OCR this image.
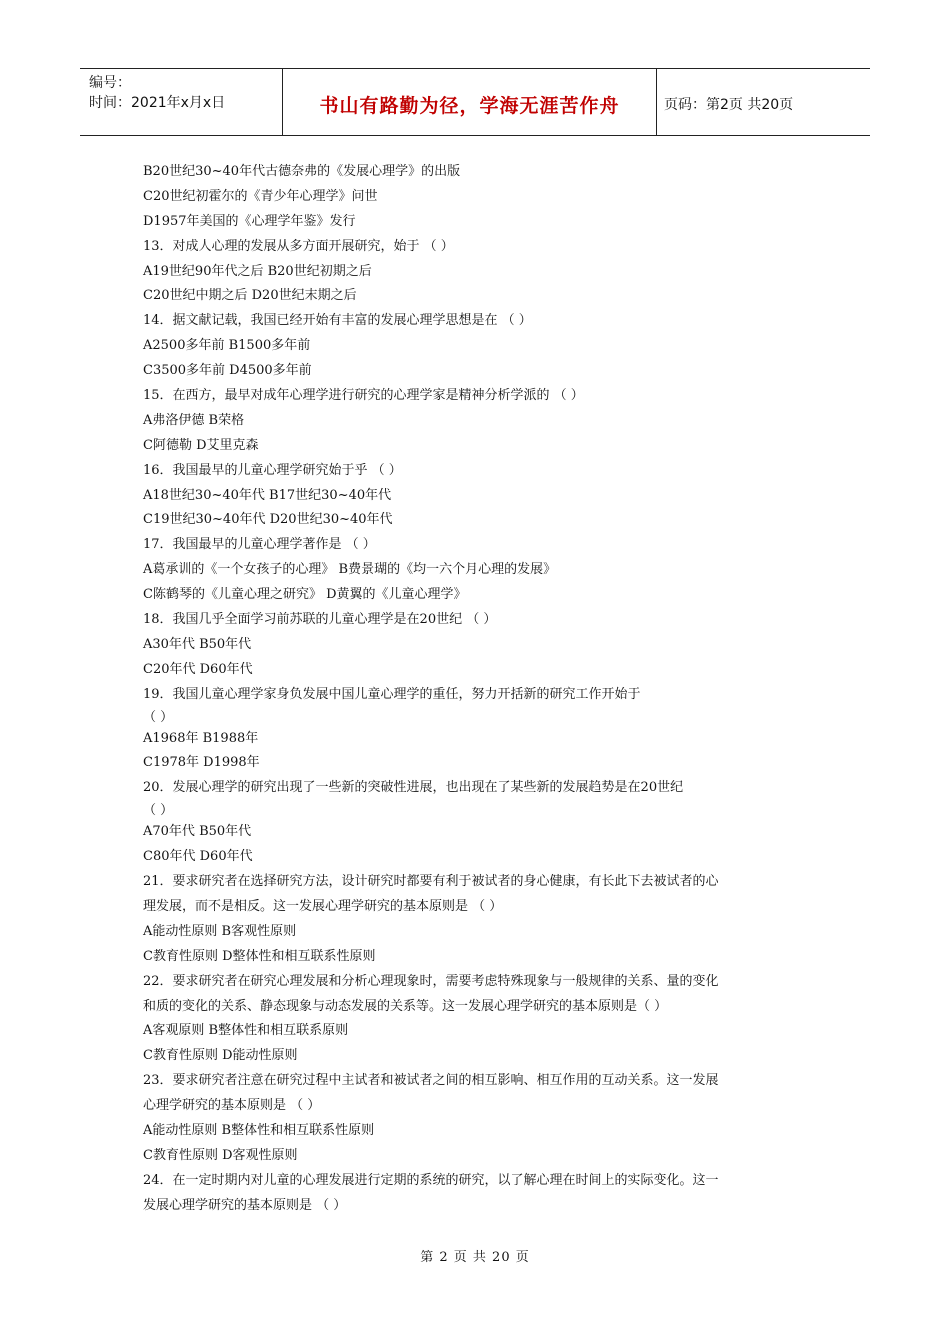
编号：
时间：2021年x月x日	书山有路勤为径，学海无涯苦作舟	页码：第2页 共20页
B20世纪30~40年代古德奈弗的《发展心理学》的出版
C20世纪初霍尔的《青少年心理学》问世
D1957年美国的《心理学年鉴》发行
13．对成人心理的发展从多方面开展研究，始于 （ ）
A19世纪90年代之后 B20世纪初期之后
C20世纪中期之后 D20世纪末期之后
14．据文献记载，我国已经开始有丰富的发展心理学思想是在 （ ）
A2500多年前 B1500多年前
C3500多年前 D4500多年前
15．在西方，最早对成年心理学进行研究的心理学家是精神分析学派的 （ ）
A弗洛伊德 B荣格
C阿德勒 D艾里克森
16．我国最早的儿童心理学研究始于乎 （ ）
A18世纪30~40年代 B17世纪30~40年代
C19世纪30~40年代 D20世纪30~40年代
17．我国最早的儿童心理学著作是 （ ）
A葛承训的《一个女孩子的心理》 B费景瑚的《均一六个月心理的发展》
C陈鹤琴的《儿童心理之研究》 D黄翼的《儿童心理学》
18．我国几乎全面学习前苏联的儿童心理学是在20世纪 （ ）
A30年代 B50年代
C20年代 D60年代
19．我国儿童心理学家身负发展中国儿童心理学的重任，努力开括新的研究工作开始于
（ ）
A1968年 B1988年
C1978年 D1998年
20．发展心理学的研究出现了一些新的突破性进展，也出现在了某些新的发展趋势是在20世纪
（ ）
A70年代 B50年代
C80年代 D60年代
21．要求研究者在选择研究方法，设计研究时都要有利于被试者的身心健康，有长此下去被试者的心
理发展，而不是相反。这一发展心理学研究的基本原则是 （ ）
A能动性原则 B客观性原则
C教育性原则 D整体性和相互联系性原则
22．要求研究者在研究心理发展和分析心理现象时，需要考虑特殊现象与一般规律的关系、量的变化
和质的变化的关系、静态现象与动态发展的关系等。这一发展心理学研究的基本原则是（ ）
A客观原则 B整体性和相互联系原则
C教育性原则 D能动性原则
23．要求研究者注意在研究过程中主试者和被试者之间的相互影响、相互作用的互动关系。这一发展
心理学研究的基本原则是 （ ）
A能动性原则 B整体性和相互联系性原则
C教育性原则 D客观性原则
24．在一定时期内对儿童的心理发展进行定期的系统的研究，以了解心理在时间上的实际变化。这一
发展心理学研究的基本原则是 （ ）
第 2 页 共 20 页
